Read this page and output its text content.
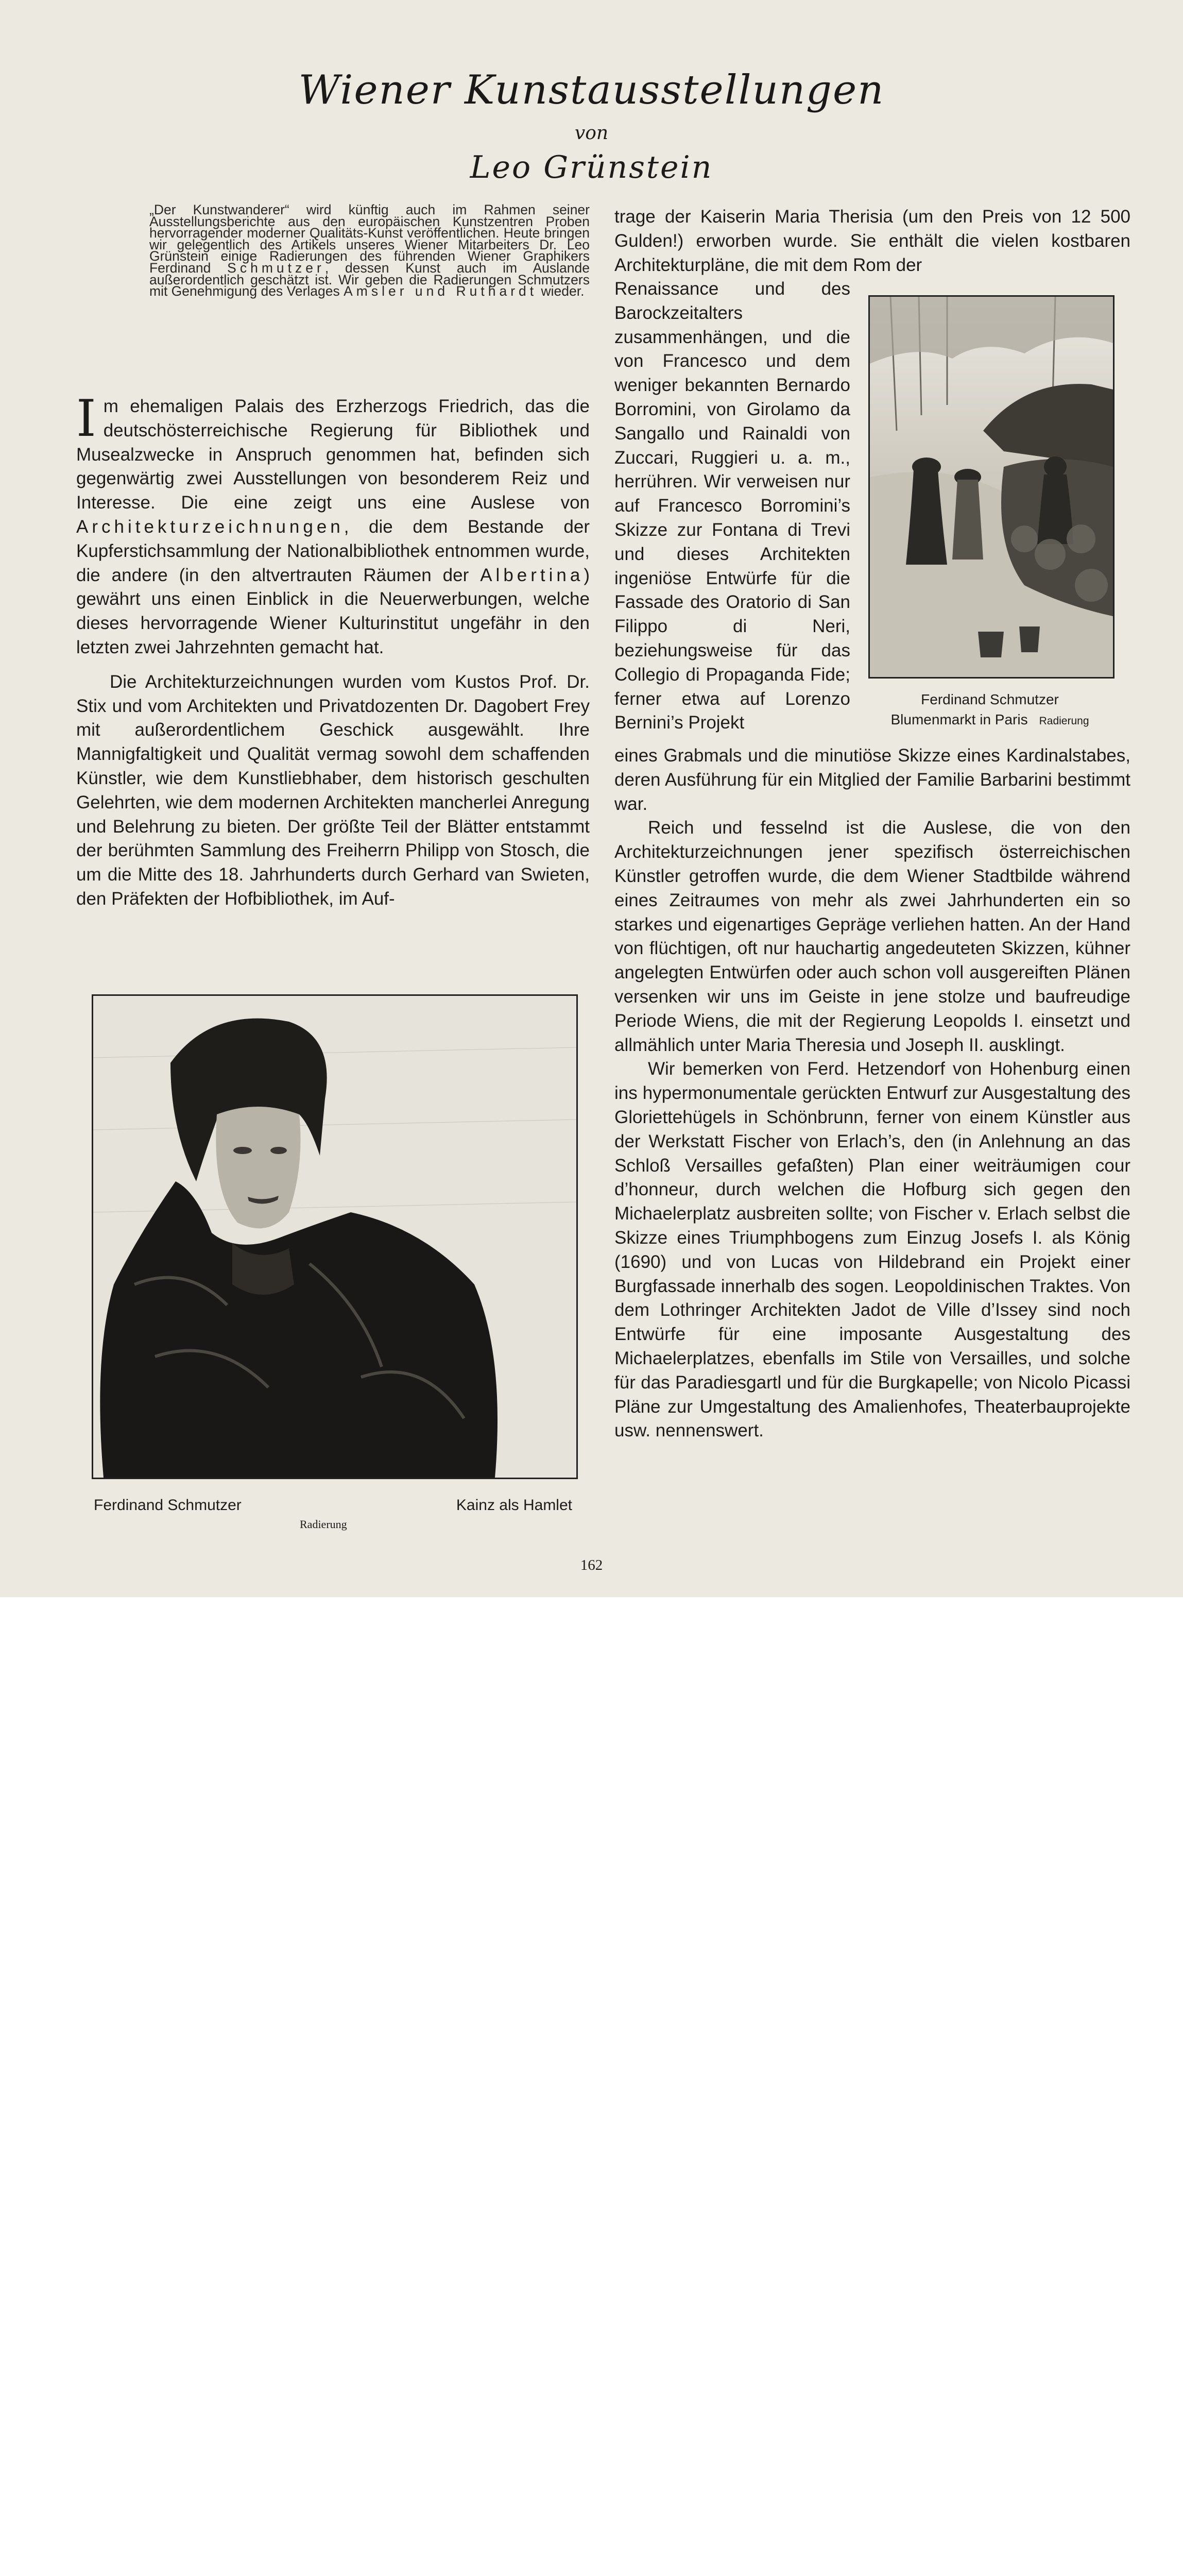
Wiener Kunstausstellungen
von
Leo Grünstein

„Der Kunstwanderer“ wird künftig auch im Rahmen seiner Ausstellungsberichte aus den europäischen Kunstzentren Proben hervorragender moderner Qualitäts-Kunst veröffentlichen. Heute bringen wir gelegentlich des Artikels unseres Wiener Mitarbeiters Dr. Leo Grünstein einige Radierungen des führenden Wiener Graphikers Ferdinand Schmutzer, dessen Kunst auch im Auslande außerordentlich geschätzt ist. Wir geben die Radierungen Schmutzers mit Genehmigung des Verlages Amsler und Ruthardt wieder.

Im ehemaligen Palais des Erzherzogs Friedrich, das die deutschösterreichische Regierung für Bibliothek und Musealzwecke in Anspruch genommen hat, befinden sich gegenwärtig zwei Ausstellungen von besonderem Reiz und Interesse. Die eine zeigt uns eine Auslese von Architekturzeichnungen, die dem Bestande der Kupferstichsammlung der Nationalbibliothek entnommen wurde, die andere (in den altvertrauten Räumen der Albertina) gewährt uns einen Einblick in die Neuerwerbungen, welche dieses hervorragende Wiener Kulturinstitut ungefähr in den letzten zwei Jahrzehnten gemacht hat.

Die Architekturzeichnungen wurden vom Kustos Prof. Dr. Stix und vom Architekten und Privatdozenten Dr. Dagobert Frey mit außerordentlichem Geschick ausgewählt. Ihre Mannigfaltigkeit und Qualität vermag sowohl dem schaffenden Künstler, wie dem Kunstliebhaber, dem historisch geschulten Gelehrten, wie dem modernen Architekten mancherlei Anregung und Belehrung zu bieten. Der größte Teil der Blätter entstammt der berühmten Sammlung des Freiherrn Philipp von Stosch, die um die Mitte des 18. Jahrhunderts durch Gerhard van Swieten, den Präfekten der Hofbibliothek, im Auf-

trage der Kaiserin Maria Therisia (um den Preis von 12 500 Gulden!) erworben wurde. Sie enthält die vielen kostbaren Architekturpläne, die mit dem Rom der

Renaissance und des Barockzeitalters zusammenhängen, und die von Francesco und dem weniger bekannten Bernardo Borromini, von Girolamo da Sangallo und Rainaldi von Zuccari, Ruggieri u. a. m., herrühren. Wir verweisen nur auf Francesco Borromini’s Skizze zur Fontana di Trevi und dieses Architekten ingeniöse Entwürfe für die Fassade des Oratorio di San Filippo di Neri, beziehungsweise für das Collegio di Propaganda Fide; ferner etwa auf Lorenzo Bernini’s Projekt

Ferdinand Schmutzer
Blumenmarkt in Paris Radierung

eines Grabmals und die minutiöse Skizze eines Kardinalstabes, deren Ausführung für ein Mitglied der Familie Barbarini bestimmt war.

Reich und fesselnd ist die Auslese, die von den Architekturzeichnungen jener spezifisch österreichischen Künstler getroffen wurde, die dem Wiener Stadtbilde während eines Zeitraumes von mehr als zwei Jahrhunderten ein so starkes und eigenartiges Gepräge verliehen hatten. An der Hand von flüchtigen, oft nur hauchartig angedeuteten Skizzen, kühner angelegten Entwürfen oder auch schon voll ausgereiften Plänen versenken wir uns im Geiste in jene stolze und baufreudige Periode Wiens, die mit der Regierung Leopolds I. einsetzt und allmählich unter Maria Theresia und Joseph II. ausklingt.

Wir bemerken von Ferd. Hetzendorf von Hohenburg einen ins hypermonumentale gerückten Entwurf zur Ausgestaltung des Gloriettehügels in Schönbrunn, ferner von einem Künstler aus der Werkstatt Fischer von Erlach’s, den (in Anlehnung an das Schloß Versailles gefaßten) Plan einer weiträumigen cour d’honneur, durch welchen die Hofburg sich gegen den Michaelerplatz ausbreiten sollte; von Fischer v. Erlach selbst die Skizze eines Triumphbogens zum Einzug Josefs I. als König (1690) und von Lucas von Hildebrand ein Projekt einer Burgfassade innerhalb des sogen. Leopoldinischen Traktes. Von dem Lothringer Architekten Jadot de Ville d’Issey sind noch Entwürfe für eine imposante Ausgestaltung des Michaelerplatzes, ebenfalls im Stile von Versailles, und solche für das Paradiesgartl und für die Burgkapelle; von Nicolo Picassi Pläne zur Umgestaltung des Amalienhofes, Theaterbauprojekte usw. nennenswert.

Ferdinand Schmutzer	Kainz als Hamlet
Radierung
162
